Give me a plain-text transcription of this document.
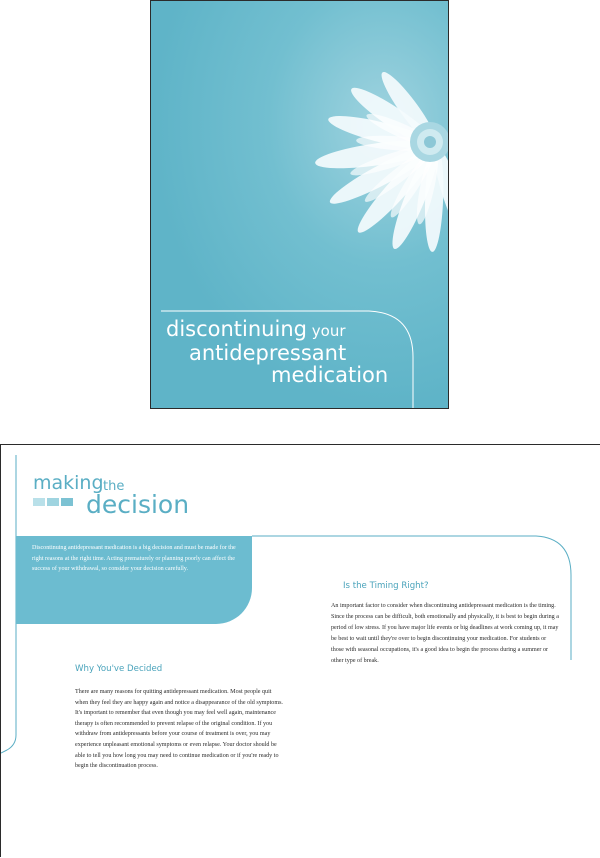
discontinuing your
antidepressant
medication
making the
decision
Discontinuing antidepressant medication is a big decision and must be made for the right reasons at the right time. Acting prematurely or planning poorly can affect the success of your withdrawal, so consider your decision carefully.
Is the Timing Right?
An important factor to consider when discontinuing antidepressant medication is the timing. Since the process can be difficult, both emotionally and physically, it is best to begin during a period of low stress. If you have major life events or big deadlines at work coming up, it may be best to wait until they're over to begin discontinuing your medication. For students or those with seasonal occupations, it's a good idea to begin the process during a summer or other type of break.
Why You've Decided
There are many reasons for quitting antidepressant medication. Most people quit when they feel they are happy again and notice a disappearance of the old symptoms. It's important to remember that even though you may feel well again, maintenance therapy is often recommended to prevent relapse of the original condition. If you withdraw from antidepressants before your course of treatment is over, you may experience unpleasant emotional symptoms or even relapse. Your doctor should be able to tell you how long you may need to continue medication or if you're ready to begin the discontinuation process.
